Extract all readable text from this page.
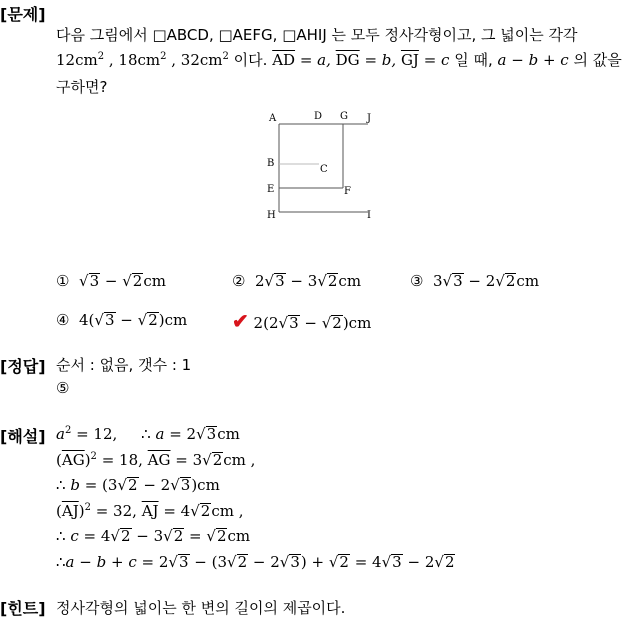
[문제]
다음 그림에서 □ABCD, □AEFG, □AHIJ 는 모두 정사각형이고, 그 넓이는 각각
$12cm^2$ , $18cm^2$ , $32cm^2$ 이다. $\overline{AD} = a$, $\overline{DG} = b$, $\overline{GJ} = c$ 일 때, a − b + c 의 값을
구하면?
A	D G J
B
C
E	F
H	I
① √3 − √2cm	② 2√3 − 3√2cm	③ 3√3 − 2√2cm
④ 4(√3 − √2)cm ✔ 2(2√3 − √2)cm
[정답] 순서 : 없음, 갯수 : 1
⑤
[해설] $a^2 = 12$, ∴ a = 2√3cm
$(\overline{AG})^2 = 18$, $\overline{AG} = 3√2cm$ ,
∴ b = (3√2 − 2√3)cm
$(\overline{AJ})^2 = 32$, $\overline{AJ} = 4√2cm$ ,
∴ c = 4√2 − 3√2 = √2cm
∴a − b + c = 2√3 − (3√2 − 2√3) + √2 = 4√3 − 2√2
[힌트] 정사각형의 넓이는 한 변의 길이의 제곱이다.
